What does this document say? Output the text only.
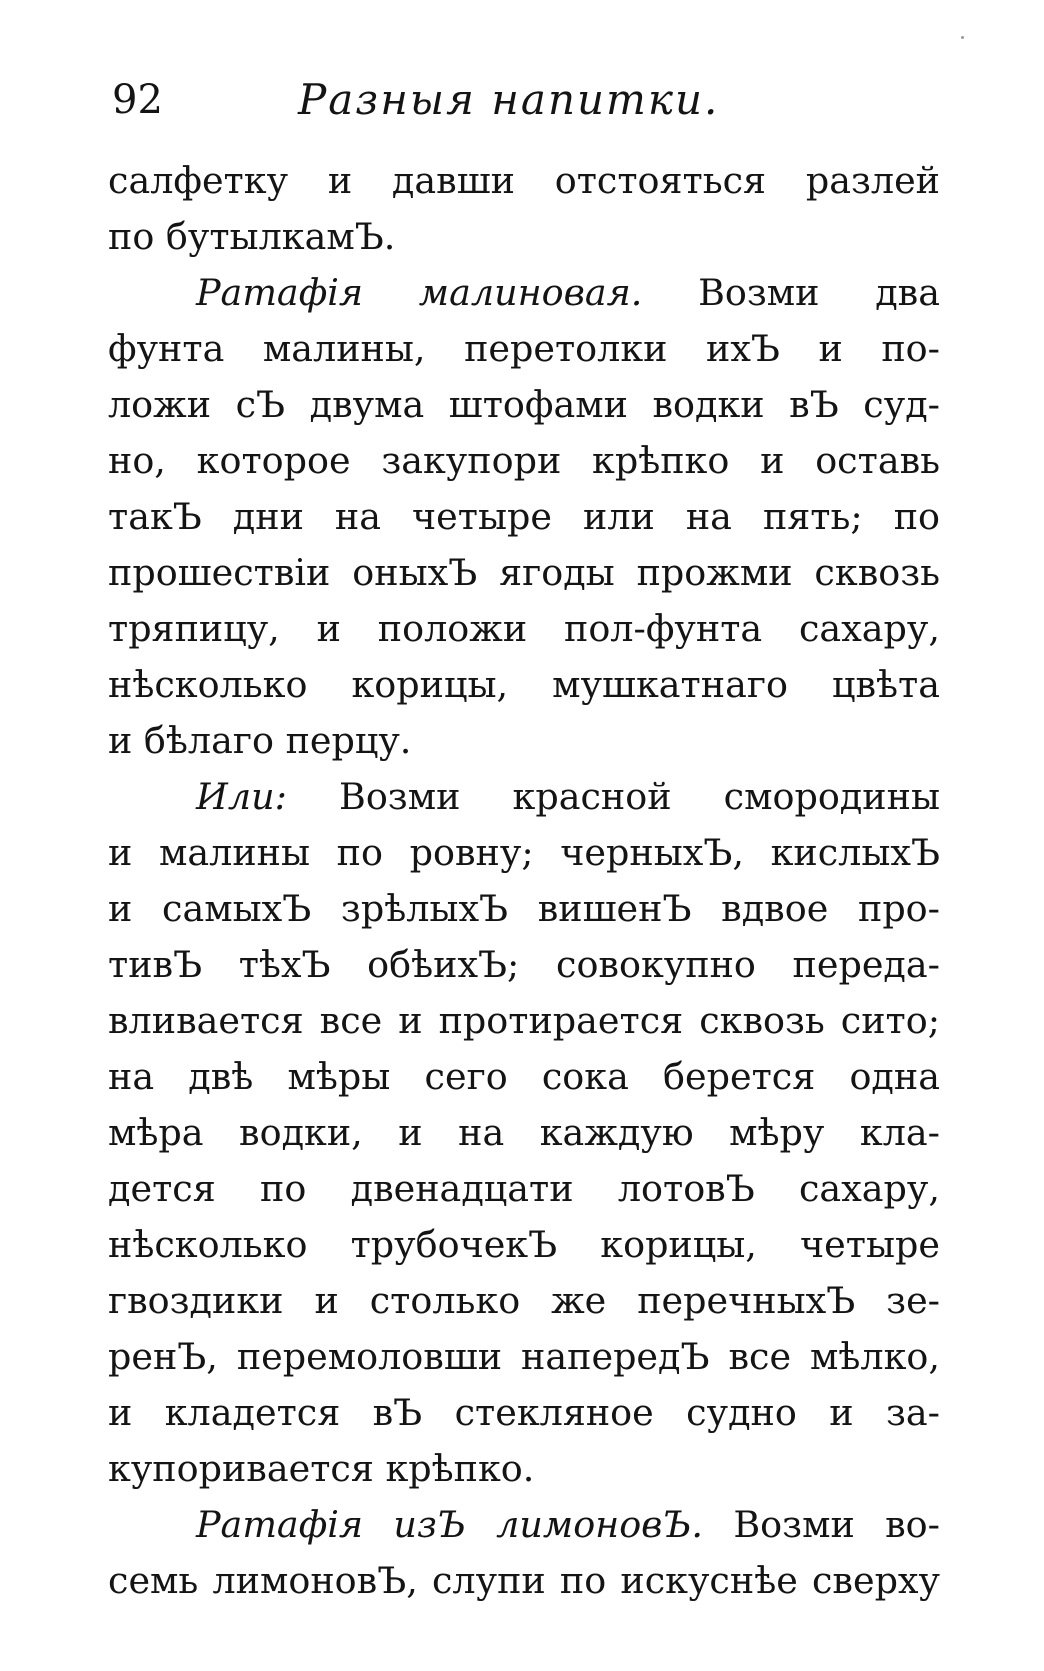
92	Разныя напитки.
салфетку и давши отстояться разлей
по бутылкамЪ.
Ратафія малиновая. Возми два
фунта малины, перетолки ихЪ и по-
ложи сЪ двума штофами водки вЪ суд-
но, которое закупори крѣпко и оставь
такЪ дни на четыре или на пять; по
прошествіи оныхЪ ягоды прожми сквозь
тряпицу, и положи пол-фунта сахару,
нѣсколько корицы, мушкатнаго цвѣта
и бѣлаго перцу.
Или: Возми красной смородины
и малины по ровну; черныхЪ, кислыхЪ
и самыхЪ зрѣлыхЪ вишенЪ вдвое про-
тивЪ тѣхЪ обѣихЪ; совокупно переда-
вливается все и протирается сквозь сито;
на двѣ мѣры сего сока берется одна
мѣра водки, и на каждую мѣру кла-
дется по двенадцати лотовЪ сахару,
нѣсколько трубочекЪ корицы, четыре
гвоздики и столько же перечныхЪ зе-
ренЪ, перемоловши напередЪ все мѣлко,
и кладется вЪ стекляное судно и за-
купоривается крѣпко.
Ратафія изЪ лимоновЪ. Возми во-
семь лимоновЪ, слупи по искуснѣе сверху
